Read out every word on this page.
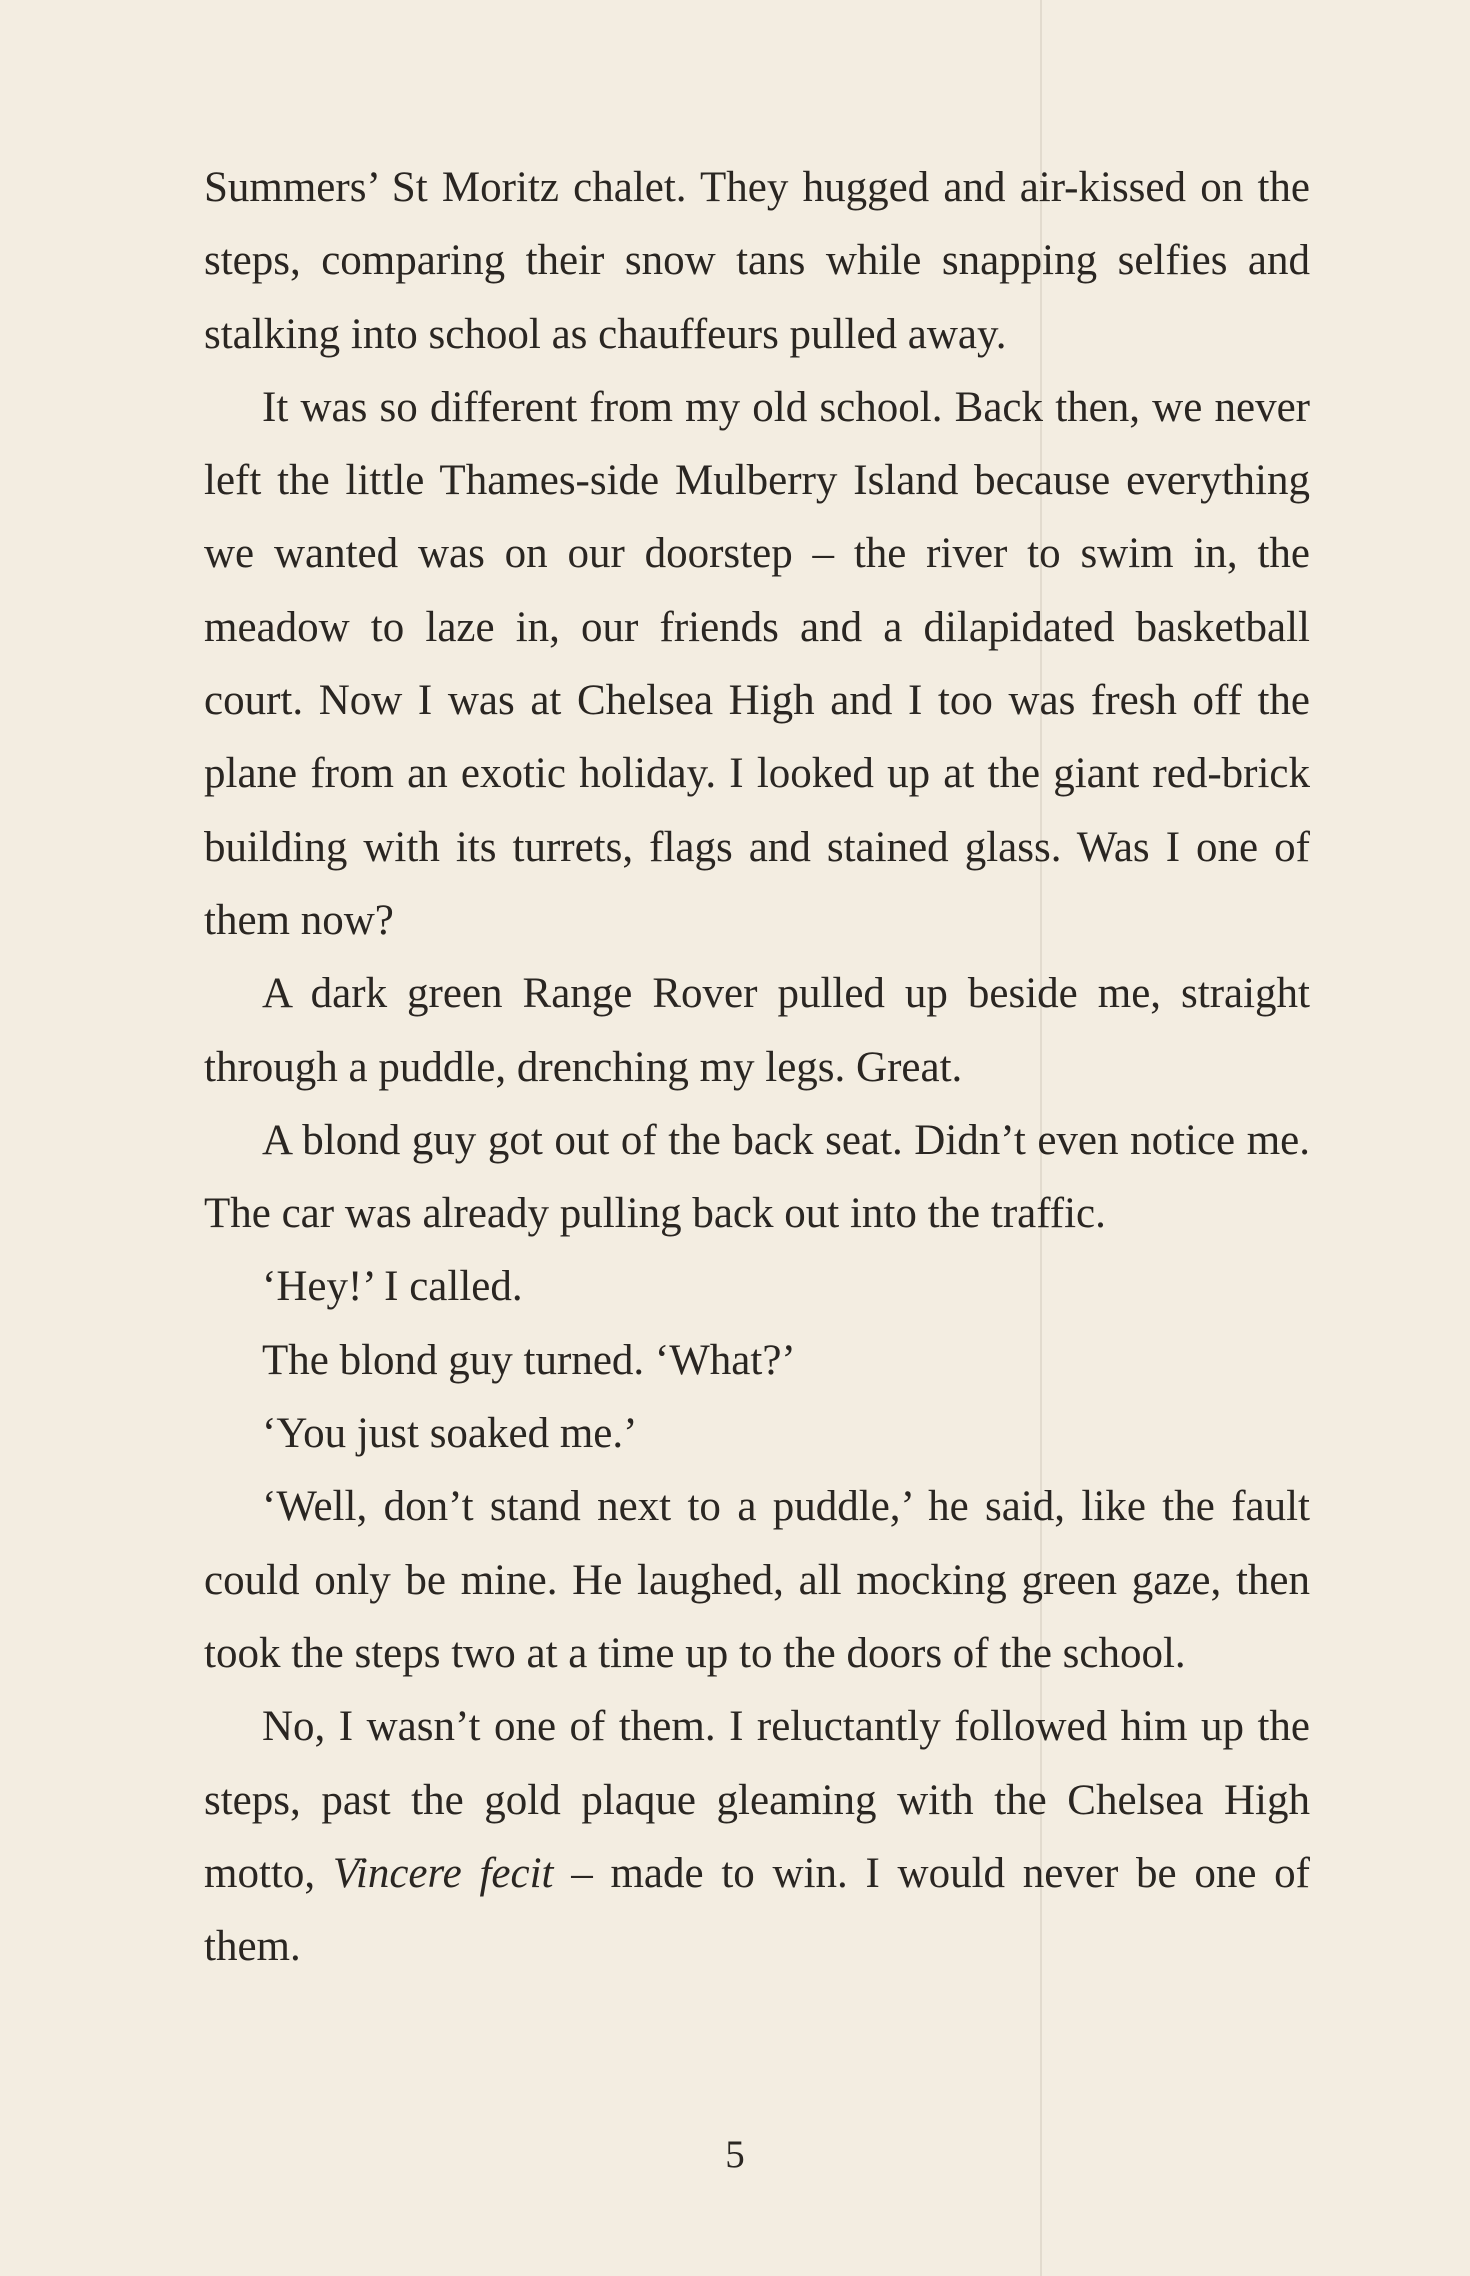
Summers’ St Moritz chalet. They hugged and air-kissed on the steps, comparing their snow tans while snapping selfies and stalking into school as chauffeurs pulled away.

It was so different from my old school. Back then, we never left the little Thames-side Mulberry Island because everything we wanted was on our doorstep – the river to swim in, the meadow to laze in, our friends and a dilapidated basketball court. Now I was at Chelsea High and I too was fresh off the plane from an exotic holiday. I looked up at the giant red-brick building with its turrets, flags and stained glass. Was I one of them now?

A dark green Range Rover pulled up beside me, straight through a puddle, drenching my legs. Great.

A blond guy got out of the back seat. Didn’t even notice me. The car was already pulling back out into the traffic.

‘Hey!’ I called.

The blond guy turned. ‘What?’

‘You just soaked me.’

‘Well, don’t stand next to a puddle,’ he said, like the fault could only be mine. He laughed, all mocking green gaze, then took the steps two at a time up to the doors of the school.

No, I wasn’t one of them. I reluctantly followed him up the steps, past the gold plaque gleaming with the Chelsea High motto, Vincere fecit – made to win. I would never be one of them.

5
